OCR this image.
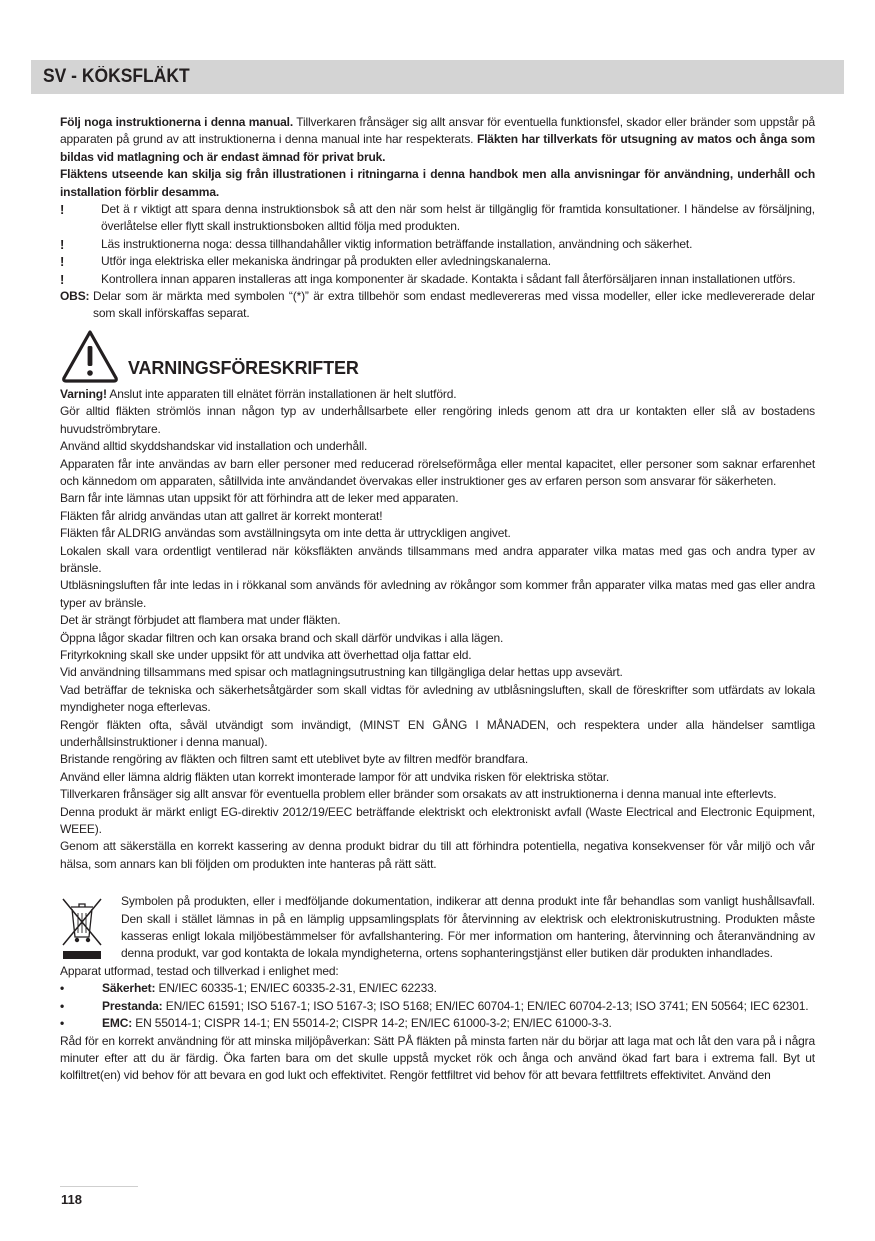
SV - KÖKSFLÄKT

Följ noga instruktionerna i denna manual. Tillverkaren frånsäger sig allt ansvar för eventuella funktionsfel, skador eller bränder som uppstår på apparaten på grund av att instruktionerna i denna manual inte har respekterats. Fläkten har tillverkats för utsugning av matos och ånga som bildas vid matlagning och är endast ämnad för privat bruk.

Fläktens utseende kan skilja sig från illustrationen i ritningarna i denna handbok men alla anvisningar för användning, underhåll och installation förblir desamma.

!	Det ä r viktigt att spara denna instruktionsbok så att den när som helst är tillgänglig för framtida konsultationer. I händelse av försäljning, överlåtelse eller flytt skall instruktionsboken alltid följa med produkten.
!	Läs instruktionerna noga: dessa tillhandahåller viktig information beträffande installation, användning och säkerhet.
!	Utför inga elektriska eller mekaniska ändringar på produkten eller avledningskanalerna.
!	Kontrollera innan apparen installeras att inga komponenter är skadade. Kontakta i sådant fall återförsäljaren innan installationen utförs.
OBS: Delar som är märkta med symbolen “(*)” är extra tillbehör som endast medlevereras med vissa modeller, eller icke medlevererade delar som skall införskaffas separat.
VARNINGSFÖRESKRIFTER

Varning! Anslut inte apparaten till elnätet förrän installationen är helt slutförd.

Gör alltid fläkten strömlös innan någon typ av underhållsarbete eller rengöring inleds genom att dra ur kontakten eller slå av bostadens huvudströmbrytare.

Använd alltid skyddshandskar vid installation och underhåll.

Apparaten får inte användas av barn eller personer med reducerad rörelseförmåga eller mental kapacitet, eller personer som saknar erfarenhet och kännedom om apparaten, såtillvida inte användandet övervakas eller instruktioner ges av erfaren person som ansvarar för säkerheten.

Barn får inte lämnas utan uppsikt för att förhindra att de leker med apparaten.

Fläkten får alridg användas utan att gallret är korrekt monterat!

Fläkten får ALDRIG användas som avställningsyta om inte detta är uttryckligen angivet.

Lokalen skall vara ordentligt ventilerad när köksfläkten används tillsammans med andra apparater vilka matas med gas och andra typer av bränsle.

Utbläsningsluften får inte ledas in i rökkanal som används för avledning av rökångor som kommer från apparater vilka matas med gas eller andra typer av bränsle.

Det är strängt förbjudet att flambera mat under fläkten.

Öppna lågor skadar filtren och kan orsaka brand och skall därför undvikas i alla lägen.

Frityrkokning skall ske under uppsikt för att undvika att överhettad olja fattar eld.

Vid användning tillsammans med spisar och matlagningsutrustning kan tillgängliga delar hettas upp avsevärt.

Vad beträffar de tekniska och säkerhetsåtgärder som skall vidtas för avledning av utblåsningsluften, skall de föreskrifter som utfärdats av lokala myndigheter noga efterlevas.

Rengör fläkten ofta, såväl utvändigt som invändigt, (MINST EN GÅNG I MÅNADEN, och respektera under alla händelser samtliga underhållsinstruktioner i denna manual).

Bristande rengöring av fläkten och filtren samt ett uteblivet byte av filtren medför brandfara.

Använd eller lämna aldrig fläkten utan korrekt imonterade lampor för att undvika risken för elektriska stötar.

Tillverkaren frånsäger sig allt ansvar för eventuella problem eller bränder som orsakats av att instruktionerna i denna manual inte efterlevts.

Denna produkt är märkt enligt EG-direktiv 2012/19/EEC beträffande elektriskt och elektroniskt avfall (Waste Electrical and Electronic Equipment, WEEE).

Genom att säkerställa en korrekt kassering av denna produkt bidrar du till att förhindra potentiella, negativa konsekvenser för vår miljö och vår hälsa, som annars kan bli följden om produkten inte hanteras på rätt sätt.

Symbolen på produkten, eller i medföljande dokumentation, indikerar att denna produkt inte får behandlas som vanligt hushållsavfall. Den skall i stället lämnas in på en lämplig uppsamlingsplats för återvinning av elektrisk och elektroniskutrustning. Produkten måste kasseras enligt lokala miljöbestämmelser för avfallshantering. För mer information om hantering, återvinning och återanvändning av denna produkt, var god kontakta de lokala myndigheterna, ortens sophanteringstjänst eller butiken där produkten inhandlades.

Apparat utformad, testad och tillverkad i enlighet med:

•	Säkerhet: EN/IEC 60335-1; EN/IEC 60335-2-31, EN/IEC 62233.
•	Prestanda: EN/IEC 61591; ISO 5167-1; ISO 5167-3; ISO 5168; EN/IEC 60704-1; EN/IEC 60704-2-13; ISO 3741; EN 50564; IEC 62301.
•	EMC: EN 55014-1; CISPR 14-1; EN 55014-2; CISPR 14-2; EN/IEC 61000-3-2; EN/IEC 61000-3-3.

Råd för en korrekt användning för att minska miljöpåverkan: Sätt PÅ fläkten på minsta farten när du börjar att laga mat och låt den vara på i några minuter efter att du är färdig. Öka farten bara om det skulle uppstå mycket rök och ånga och använd ökad fart bara i extrema fall. Byt ut kolfiltret(en) vid behov för att bevara en god lukt och effektivitet. Rengör fettfiltret vid behov för att bevara fettfiltrets effektivitet. Använd den

118
